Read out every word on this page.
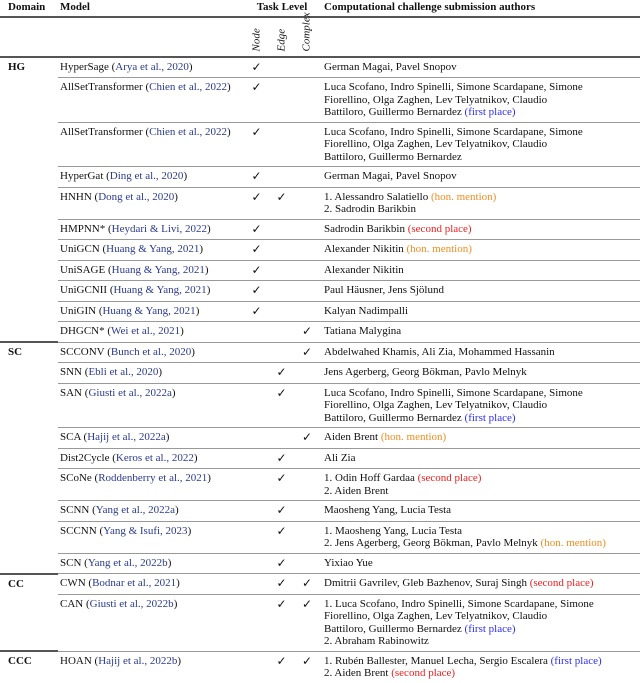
Domain	Model	Task Level			Computational challenge submission authors

		Node	Edge	Complex	

HG	HyperSage (Arya et al., 2020)	✓			German Magai, Pavel Snopov

	AllSetTransformer (Chien et al., 2022)	✓			Luca Scofano, Indro Spinelli, Simone Scardapane, Simone
Fiorellino, Olga Zaghen, Lev Telyatnikov, Claudio
Battiloro, Guillermo Bernardez (first place)

	AllSetTransformer (Chien et al., 2022)	✓			Luca Scofano, Indro Spinelli, Simone Scardapane, Simone
Fiorellino, Olga Zaghen, Lev Telyatnikov, Claudio
Battiloro, Guillermo Bernardez

	HyperGat (Ding et al., 2020)	✓			German Magai, Pavel Snopov

	HNHN (Dong et al., 2020)	✓	✓		1. Alessandro Salatiello (hon. mention)
2. Sadrodin Barikbin

	HMPNN* (Heydari & Livi, 2022)	✓			Sadrodin Barikbin (second place)

	UniGCN (Huang & Yang, 2021)	✓			Alexander Nikitin (hon. mention)

	UniSAGE (Huang & Yang, 2021)	✓			Alexander Nikitin

	UniGCNII (Huang & Yang, 2021)	✓			Paul Häusner, Jens Sjölund

	UniGIN (Huang & Yang, 2021)	✓			Kalyan Nadimpalli

	DHGCN* (Wei et al., 2021)			✓	Tatiana Malygina

SC	SCCONV (Bunch et al., 2020)			✓	Abdelwahed Khamis, Ali Zia, Mohammed Hassanin

	SNN (Ebli et al., 2020)		✓		Jens Agerberg, Georg Bökman, Pavlo Melnyk

	SAN (Giusti et al., 2022a)		✓		Luca Scofano, Indro Spinelli, Simone Scardapane, Simone
Fiorellino, Olga Zaghen, Lev Telyatnikov, Claudio
Battiloro, Guillermo Bernardez (first place)

	SCA (Hajij et al., 2022a)			✓	Aiden Brent (hon. mention)

	Dist2Cycle (Keros et al., 2022)		✓		Ali Zia

	SCoNe (Roddenberry et al., 2021)		✓		1. Odin Hoff Gardaa (second place)
2. Aiden Brent

	SCNN (Yang et al., 2022a)		✓		Maosheng Yang, Lucia Testa

	SCCNN (Yang & Isufi, 2023)		✓		1. Maosheng Yang, Lucia Testa
2. Jens Agerberg, Georg Bökman, Pavlo Melnyk (hon. mention)

	SCN (Yang et al., 2022b)		✓		Yixiao Yue

CC	CWN (Bodnar et al., 2021)		✓	✓	Dmitrii Gavrilev, Gleb Bazhenov, Suraj Singh (second place)

	CAN (Giusti et al., 2022b)		✓	✓	1. Luca Scofano, Indro Spinelli, Simone Scardapane, Simone
Fiorellino, Olga Zaghen, Lev Telyatnikov, Claudio
Battiloro, Guillermo Bernardez (first place)
2. Abraham Rabinowitz

CCC	HOAN (Hajij et al., 2022b)		✓	✓	1. Rubén Ballester, Manuel Lecha, Sergio Escalera (first place)
2. Aiden Brent (second place)
